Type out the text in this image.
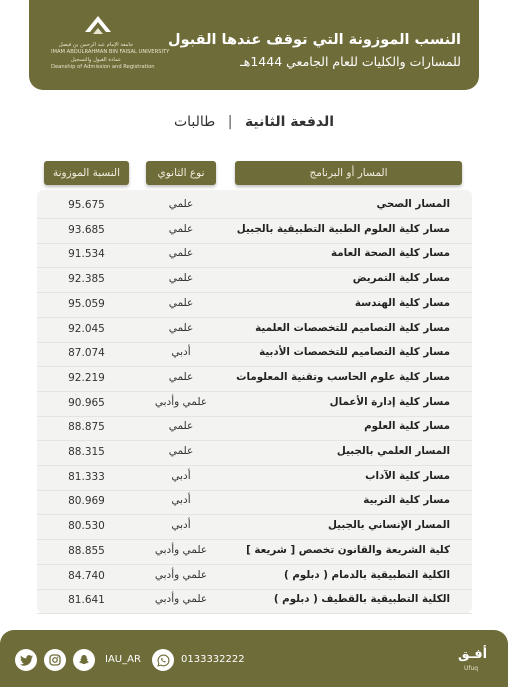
جامعة الإمام عبد الرحمن بن فيصل
IMAM ABDULRAHMAN BIN FAISAL UNIVERSITY
عمادة القبول والتسجيل
Deanship of Admission and Registration
النسب الموزونة التي توقف عندها القبول
للمسارات والكليات للعام الجامعي 1444هـ
الدفعة الثانية | طالبات
المسار أو البرنامج
نوع الثانوي
النسبة الموزونة
المسار الصحي
علمي
95.675
مسار كلية العلوم الطبية التطبيقية بالجبيل
علمي
93.685
مسار كلية الصحة العامة
علمي
91.534
مسار كلية التمريض
علمي
92.385
مسار كلية الهندسة
علمي
95.059
مسار كلية التصاميم للتخصصات العلمية
علمي
92.045
مسار كلية التصاميم للتخصصات الأدبية
أدبي
87.074
مسار كلية علوم الحاسب وتقنية المعلومات
علمي
92.219
مسار كلية إدارة الأعمال
علمي وأدبي
90.965
مسار كلية العلوم
علمي
88.875
المسار العلمي بالجبيل
علمي
88.315
مسار كلية الآداب
أدبي
81.333
مسار كلية التربية
أدبي
80.969
المسار الإنساني بالجبيل
أدبي
80.530
كلية الشريعة والقانون تخصص [ شريعة ]
علمي وأدبي
88.855
الكلية التطبيقية بالدمام ( دبلوم )
علمي وأدبي
84.740
الكلية التطبيقية بالقطيف ( دبلوم )
علمي وأدبي
81.641
IAU_AR	0133332222	أفـق
Ufuq
